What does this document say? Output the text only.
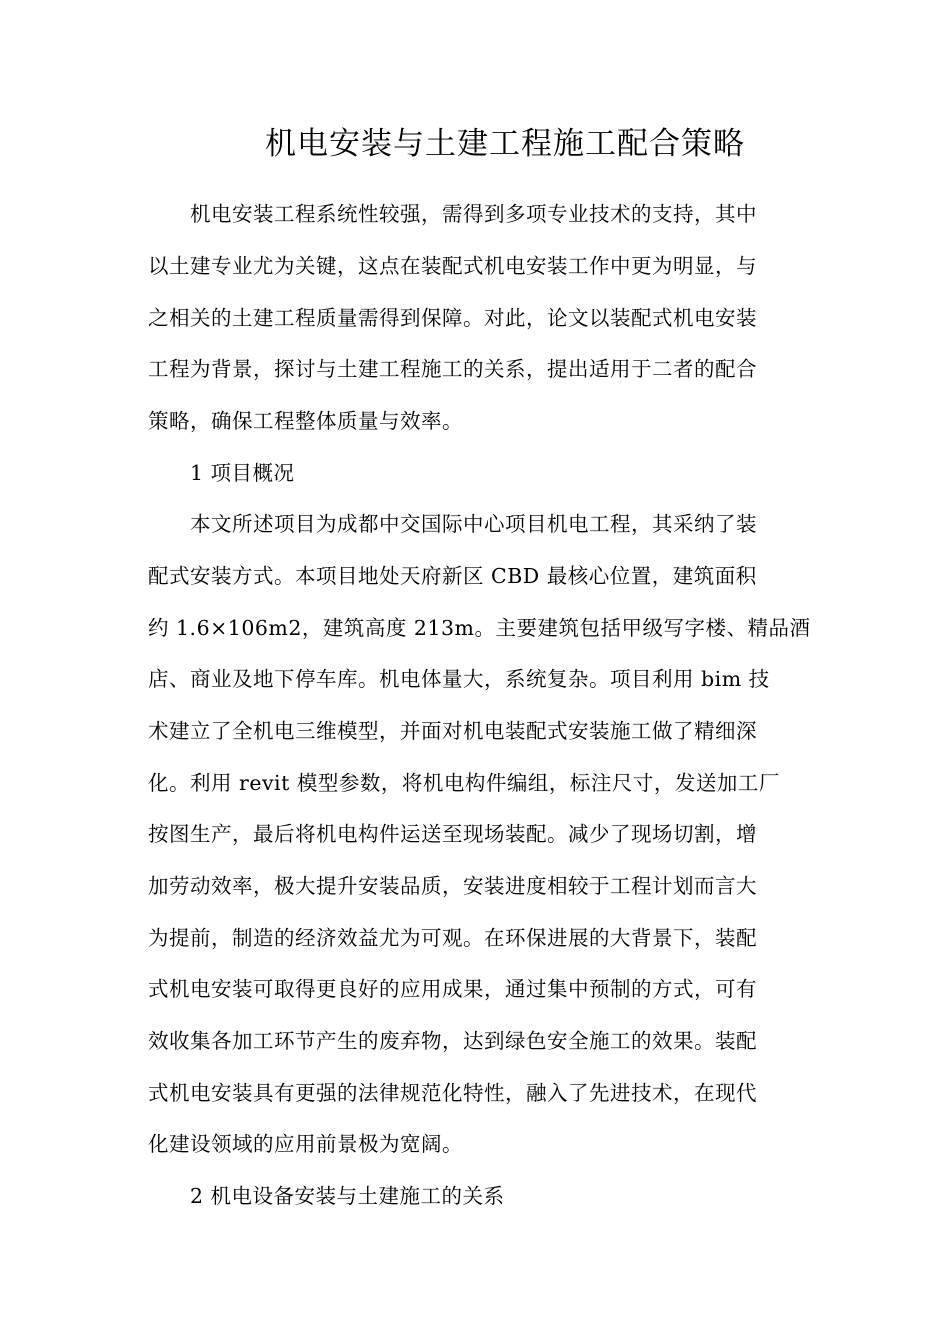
机电安装与土建工程施工配合策略
机电安装工程系统性较强，需得到多项专业技术的支持，其中
以土建专业尤为关键，这点在装配式机电安装工作中更为明显，与
之相关的土建工程质量需得到保障。对此，论文以装配式机电安装
工程为背景，探讨与土建工程施工的关系，提出适用于二者的配合
策略，确保工程整体质量与效率。
1 项目概况
本文所述项目为成都中交国际中心项目机电工程，其采纳了装
配式安装方式。本项目地处天府新区 CBD 最核心位置，建筑面积
约 1.6×106m2，建筑高度 213m。主要建筑包括甲级写字楼、精品酒
店、商业及地下停车库。机电体量大，系统复杂。项目利用 bim 技
术建立了全机电三维模型，并面对机电装配式安装施工做了精细深
化。利用 revit 模型参数，将机电构件编组，标注尺寸，发送加工厂
按图生产，最后将机电构件运送至现场装配。减少了现场切割，增
加劳动效率，极大提升安装品质，安装进度相较于工程计划而言大
为提前，制造的经济效益尤为可观。在环保进展的大背景下，装配
式机电安装可取得更良好的应用成果，通过集中预制的方式，可有
效收集各加工环节产生的废弃物，达到绿色安全施工的效果。装配
式机电安装具有更强的法律规范化特性，融入了先进技术，在现代
化建设领域的应用前景极为宽阔。
2 机电设备安装与土建施工的关系
